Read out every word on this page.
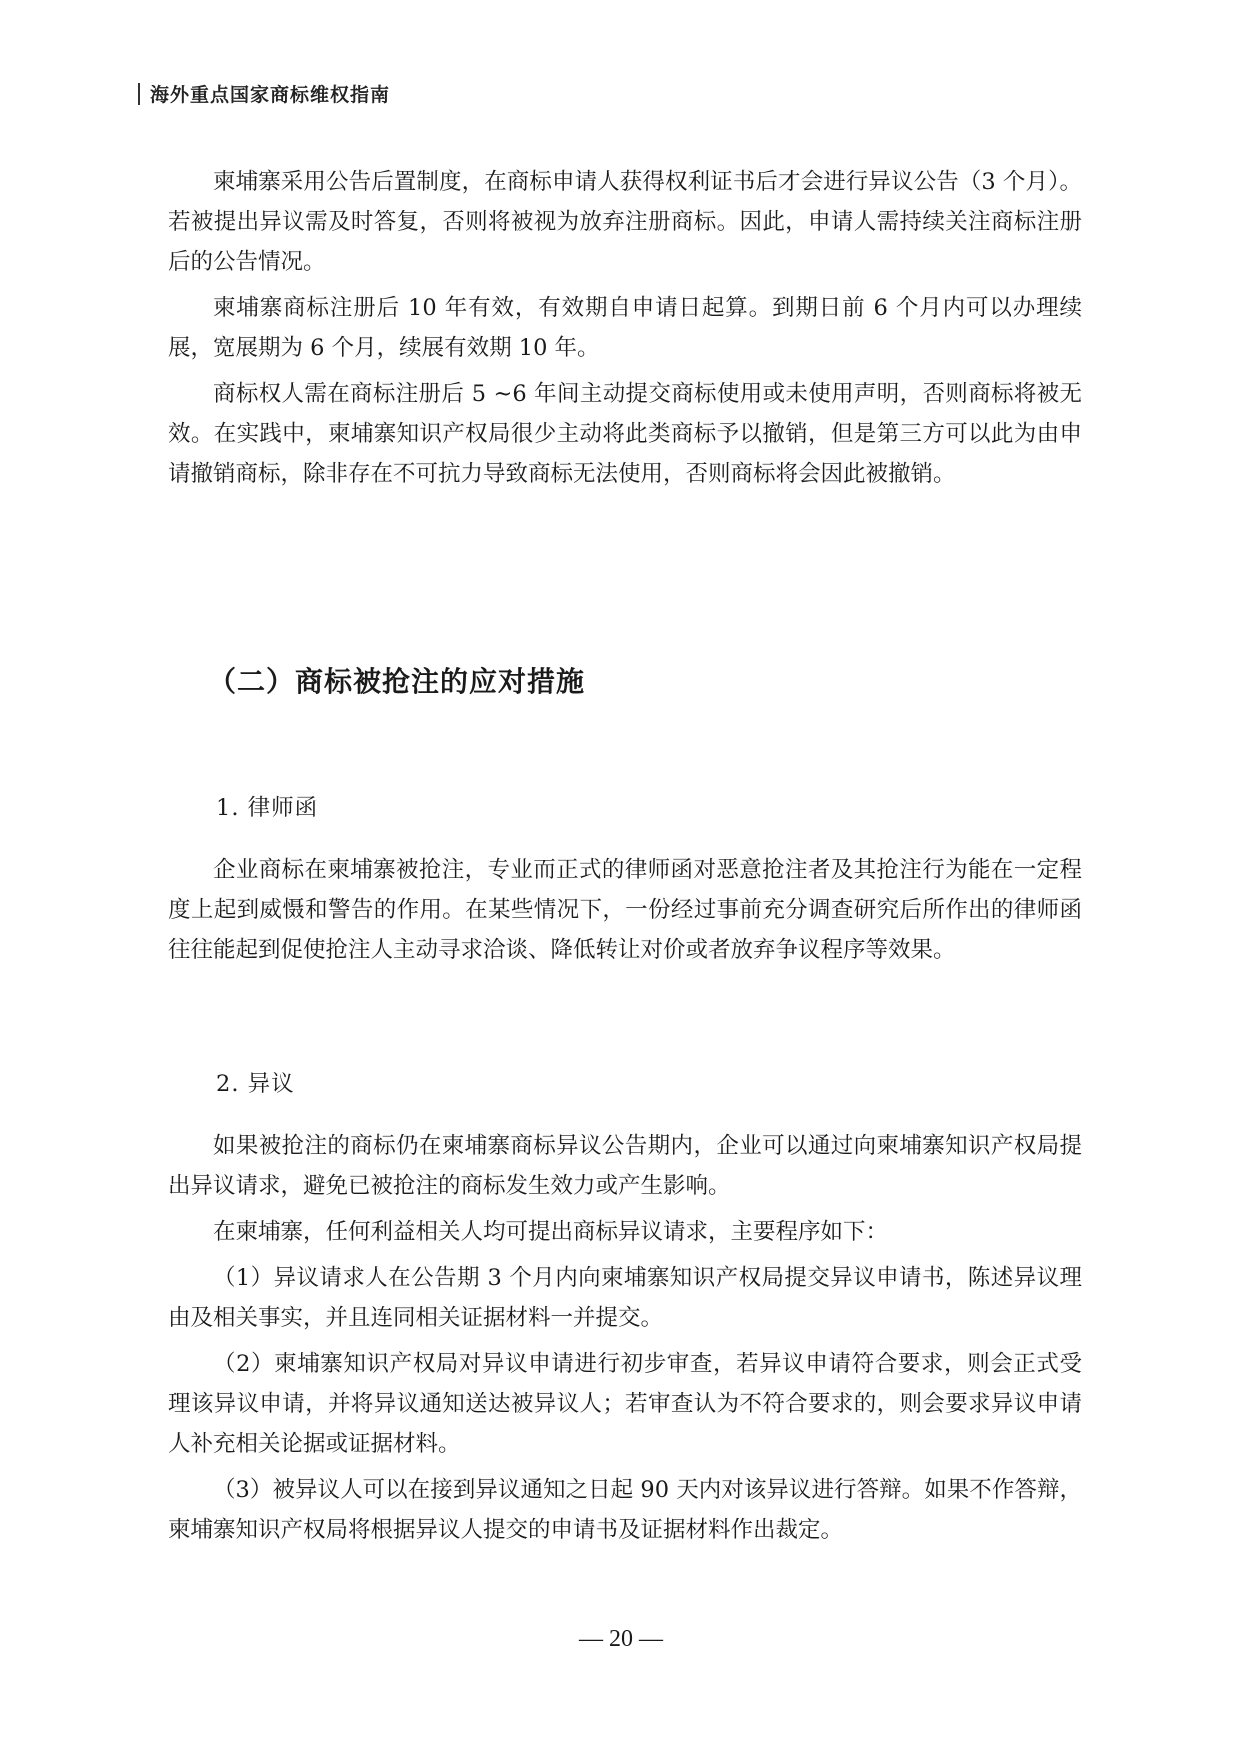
海外重点国家商标维权指南

柬埔寨采用公告后置制度，在商标申请人获得权利证书后才会进行异议公告（3 个月）。若被提出异议需及时答复，否则将被视为放弃注册商标。因此，申请人需持续关注商标注册后的公告情况。

柬埔寨商标注册后 10 年有效，有效期自申请日起算。到期日前 6 个月内可以办理续展，宽展期为 6 个月，续展有效期 10 年。

商标权人需在商标注册后 5 ~6 年间主动提交商标使用或未使用声明，否则商标将被无效。在实践中，柬埔寨知识产权局很少主动将此类商标予以撤销，但是第三方可以此为由申请撤销商标，除非存在不可抗力导致商标无法使用，否则商标将会因此被撤销。

（二）商标被抢注的应对措施
1. 律师函

企业商标在柬埔寨被抢注，专业而正式的律师函对恶意抢注者及其抢注行为能在一定程度上起到威慑和警告的作用。在某些情况下，一份经过事前充分调查研究后所作出的律师函往往能起到促使抢注人主动寻求洽谈、降低转让对价或者放弃争议程序等效果。

2. 异议

如果被抢注的商标仍在柬埔寨商标异议公告期内，企业可以通过向柬埔寨知识产权局提出异议请求，避免已被抢注的商标发生效力或产生影响。

在柬埔寨，任何利益相关人均可提出商标异议请求，主要程序如下：

（1）异议请求人在公告期 3 个月内向柬埔寨知识产权局提交异议申请书，陈述异议理由及相关事实，并且连同相关证据材料一并提交。

（2）柬埔寨知识产权局对异议申请进行初步审查，若异议申请符合要求，则会正式受理该异议申请，并将异议通知送达被异议人；若审查认为不符合要求的，则会要求异议申请人补充相关论据或证据材料。

（3）被异议人可以在接到异议通知之日起 90 天内对该异议进行答辩。如果不作答辩，柬埔寨知识产权局将根据异议人提交的申请书及证据材料作出裁定。

— 20 —
